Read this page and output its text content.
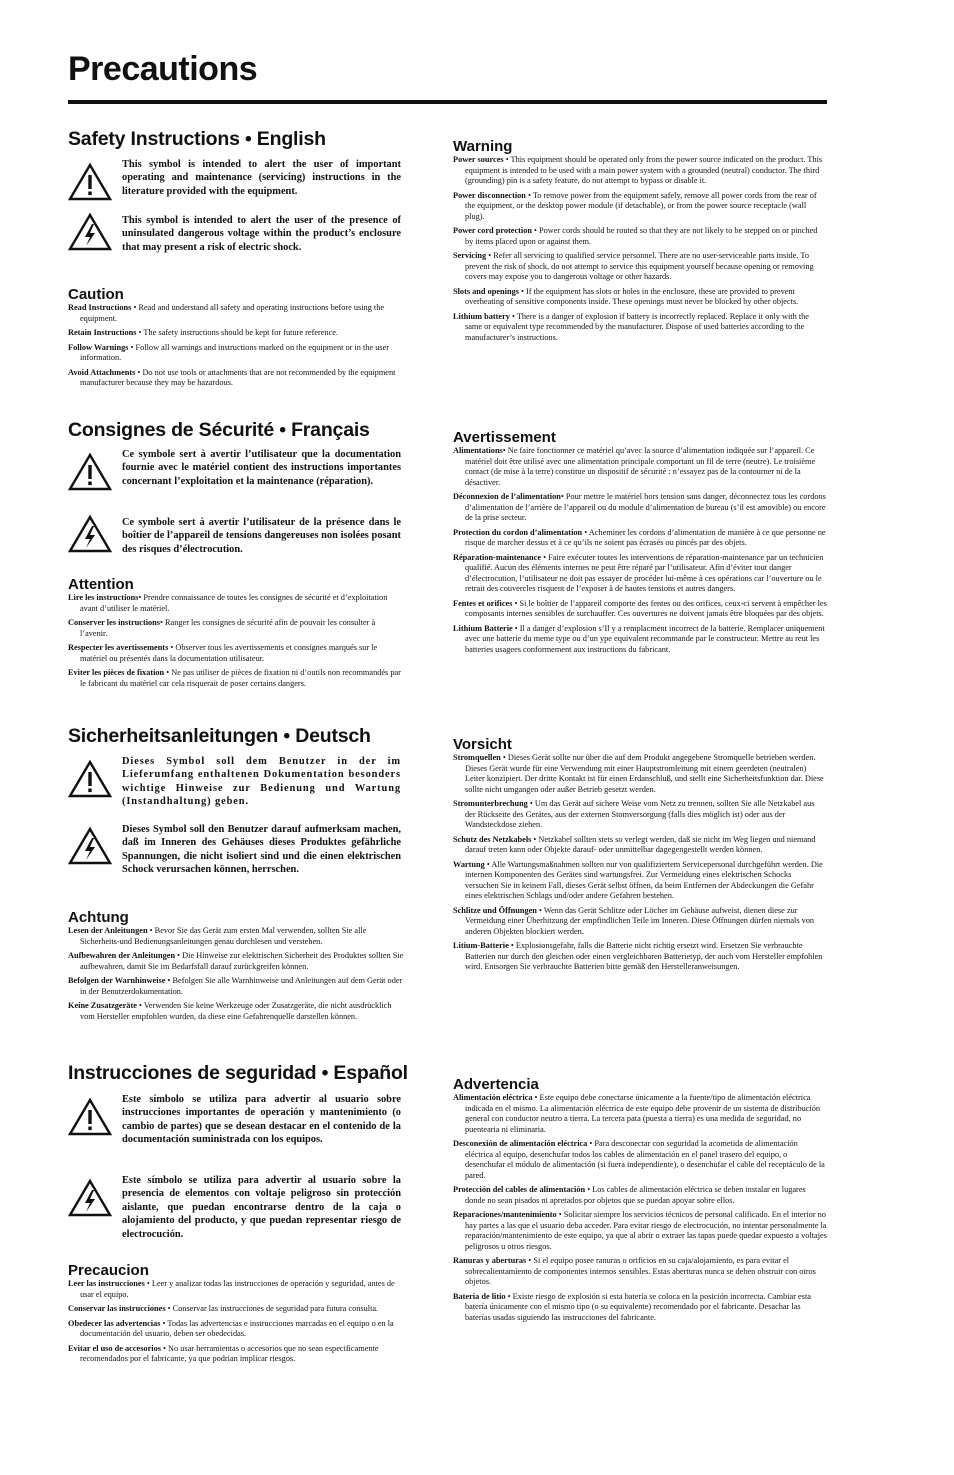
Precautions
Safety Instructions • English

This symbol is intended to alert the user of important operating and maintenance (servicing) instructions in the literature provided with the equipment.

This symbol is intended to alert the user of the presence of uninsulated dangerous voltage within the product’s enclosure that may present a risk of electric shock.

Caution
Read Instructions • Read and understand all safety and operating instructions before using the equipment.
Retain Instructions • The safety instructions should be kept for future reference.
Follow Warnings • Follow all warnings and instructions marked on the equipment or in the user information.
Avoid Attachments • Do not use tools or attachments that are not recommended by the equipment manufacturer because they may be hazardous.
Consignes de Sécurité • Français

Ce symbole sert à avertir l’utilisateur que la documentation fournie avec le matériel contient des instructions importantes concernant l’exploitation et la maintenance (réparation).

Ce symbole sert à avertir l’utilisateur de la présence dans le boîtier de l’appareil de tensions dangereuses non isolées posant des risques d’électrocution.

Attention
Lire les instructions• Prendre connaissance de toutes les consignes de sécurité et d’exploitation avant d’utiliser le matériel.
Conserver les instructions• Ranger les consignes de sécurité afin de pouvoir les consulter à l’avenir.
Respecter les avertissements • Observer tous les avertissements et consignes marqués sur le matériel ou présentés dans la documentation utilisateur.
Eviter les pièces de fixation • Ne pas utiliser de pièces de fixation ni d’outils non recommandés par le fabricant du matériel car cela risquerait de poser certains dangers.
Sicherheitsanleitungen • Deutsch

Dieses Symbol soll dem Benutzer in der im Lieferumfang enthaltenen Dokumentation besonders wichtige Hinweise zur Bedienung und Wartung (Instandhaltung) geben.

Dieses Symbol soll den Benutzer darauf aufmerksam machen, daß im Inneren des Gehäuses dieses Produktes gefährliche Spannungen, die nicht isoliert sind und die einen elektrischen Schock verursachen können, herrschen.

Achtung
Lesen der Anleitungen • Bevor Sie das Gerät zum ersten Mal verwenden, sollten Sie alle Sicherheits-und Bedienungsanleitungen genau durchlesen und verstehen.
Aufbewahren der Anleitungen • Die Hinweise zur elektrischen Sicherheit des Produktes sollten Sie aufbewahren, damit Sie im Bedarfsfall darauf zurückgreifen können.
Befolgen der Warnhinweise • Befolgen Sie alle Warnhinweise und Anleitungen auf dem Gerät oder in der Benutzerdokumentation.
Keine Zusatzgeräte • Verwenden Sie keine Werkzeuge oder Zusatzgeräte, die nicht ausdrücklich vom Hersteller empfohlen wurden, da diese eine Gefahrenquelle darstellen können.
Instrucciones de seguridad • Español

Este símbolo se utiliza para advertir al usuario sobre instrucciones importantes de operación y mantenimiento (o cambio de partes) que se desean destacar en el contenido de la documentación suministrada con los equipos.

Este símbolo se utiliza para advertir al usuario sobre la presencia de elementos con voltaje peligroso sin protección aislante, que puedan encontrarse dentro de la caja o alojamiento del producto, y que puedan representar riesgo de electrocución.

Precaucion
Leer las instrucciones • Leer y analizar todas las instrucciones de operación y seguridad, antes de usar el equipo.
Conservar las instrucciones • Conservar las instrucciones de seguridad para futura consulta.
Obedecer las advertencias • Todas las advertencias e instrucciones marcadas en el equipo o en la documentación del usuario, deben ser obedecidas.
Evitar el uso de accesorios • No usar herramientas o accesorios que no sean especificamente recomendados por el fabricante, ya que podrian implicar riesgos.
Warning
Power sources • This equipment should be operated only from the power source indicated on the product. This equipment is intended to be used with a main power system with a grounded (neutral) conductor. The third (grounding) pin is a safety feature, do not attempt to bypass or disable it.
Power disconnection • To remove power from the equipment safely, remove all power cords from the rear of the equipment, or the desktop power module (if detachable), or from the power source receptacle (wall plug).
Power cord protection • Power cords should be routed so that they are not likely to be stepped on or pinched by items placed upon or against them.
Servicing • Refer all servicing to qualified service personnel. There are no user-serviceable parts inside. To prevent the risk of shock, do not attempt to service this equipment yourself because opening or removing covers may expose you to dangerous voltage or other hazards.
Slots and openings • If the equipment has slots or holes in the enclosure, these are provided to prevent overheating of sensitive components inside. These openings must never be blocked by other objects.
Lithium battery • There is a danger of explosion if battery is incorrectly replaced. Replace it only with the same or equivalent type recommended by the manufacturer. Dispose of used batteries according to the manufacturer’s instructions.
Avertissement
Alimentations• Ne faire fonctionner ce matériel qu’avec la source d’alimentation indiquée sur l’appareil. Ce matériel doit être utilisé avec une alimentation principale comportant un fil de terre (neutre). Le troisième contact (de mise à la terre) constitue un dispositif de sécurité : n’essayez pas de la contourner ni de la désactiver.
Déconnexion de l’alimentation• Pour mettre le matériel hors tension sans danger, déconnectez tous les cordons d’alimentation de l’arrière de l’appareil ou du module d’alimentation de bureau (s’il est amovible) ou encore de la prise secteur.
Protection du cordon d’alimentation • Acheminer les cordons d’alimentation de manière à ce que personne ne risque de marcher dessus et à ce qu’ils ne soient pas écrasés ou pincés par des objets.
Réparation-maintenance • Faire exécuter toutes les interventions de réparation-maintenance par un technicien qualifié. Aucun des éléments internes ne peut être réparé par l’utilisateur. Afin d’éviter tout danger d’électrocution, l’utilisateur ne doit pas essayer de procéder lui-même à ces opérations car l’ouverture ou le retrait des couvercles risquent de l’exposer à de hautes tensions et autres dangers.
Fentes et orifices • Si le boîtier de l’appareil comporte des fentes ou des orifices, ceux-ci servent à empêcher les composants internes sensibles de surchauffer. Ces ouvertures ne doivent jamais être bloquées par des objets.
Lithium Batterie • Il a danger d’explosion s’Il y a remplacment incorrect de la batterie. Remplacer uniquement avec une batterie du meme type ou d’un ype equivalent recommande par le constructeur. Mettre au reut les batteries usagees conformement aux instructions du fabricant.
Vorsicht
Stromquellen • Dieses Gerät sollte nur über die auf dem Produkt angegebene Stromquelle betrieben werden. Dieses Gerät wurde für eine Verwendung mit einer Hauptstromleitung mit einem geerdeten (neutralen) Leiter konzipiert. Der dritte Kontakt ist für einen Erdanschluß, und stellt eine Sicherheitsfunktion dar. Diese sollte nicht umgangen oder außer Betrieb gesetzt werden.
Stromunterbrechung • Um das Gerät auf sichere Weise vom Netz zu trennen, sollten Sie alle Netzkabel aus der Rückseite des Gerätes, aus der externen Stomversorgung (falls dies möglich ist) oder aus der Wandsteckdose ziehen.
Schutz des Netzkabels • Netzkabel sollten stets so verlegt werden, daß sie nicht im Weg liegen und niemand darauf treten kann oder Objekte darauf- oder unmittelbar dagegengestellt werden können.
Wartung • Alle Wartungsmaßnahmen sollten nur von qualifiziertem Servicepersonal durchgeführt werden. Die internen Komponenten des Gerätes sind wartungsfrei. Zur Vermeidung eines elektrischen Schocks versuchen Sie in keinem Fall, dieses Gerät selbst öffnen, da beim Entfernen der Abdeckungen die Gefahr eines elektrischen Schlags und/oder andere Gefahren bestehen.
Schlitze und Öffnungen • Wenn das Gerät Schlitze oder Löcher im Gehäuse aufweist, dienen diese zur Vermeidung einer Überhitzung der empfindlichen Teile im Inneren. Diese Öffnungen dürfen niemals von anderen Objekten blockiert werden.
Litium-Batterie • Explosionsgefahr, falls die Batterie nicht richtig ersetzt wird. Ersetzen Sie verbrauchte Batterien nur durch den gleichen oder einen vergleichbaren Batterietyp, der auch vom Hersteller empfohlen wird. Entsorgen Sie verbrauchte Batterien bitte gemäß den Herstelleranweisungen.
Advertencia
Alimentación eléctrica • Este equipo debe conectarse únicamente a la fuente/tipo de alimentación eléctrica indicada en el mismo. La alimentación eléctrica de este equipo debe provenir de un sistema de distribución general con conductor neutro a tierra. La tercera pata (puesta a tierra) es una medida de seguridad, no puentearia ni eliminaria.
Desconexión de alimentación eléctrica • Para desconectar con seguridad la acometida de alimentación eléctrica al equipo, desenchufar todos los cables de alimentación en el panel trasero del equipo, o desenchufar el módulo de alimentación (si fuera independiente), o desenchufar el cable del receptáculo de la pared.
Protección del cables de alimentación • Los cables de alimentación eléctrica se deben instalar en lugares donde no sean pisados ni apretados por objetos que se puedan apoyar sobre ellos.
Reparaciones/mantenimiento • Solicitar siempre los servicios técnicos de personal calificado. En el interior no hay partes a las que el usuario deba acceder. Para evitar riesgo de electrocución, no intentar personalmente la reparación/mantenimiento de este equipo, ya que al abrir o extraer las tapas puede quedar expuesto a voltajes peligrosos u otros riesgos.
Ranuras y aberturas • Si el equipo posee ranuras o orificios en su caja/alojamiento, es para evitar el sobrecalientamiento de componentes internos sensibles. Estas aberturas nunca se deben obstruir con otros objetos.
Batería de litio • Existe riesgo de explosión si esta batería se coloca en la posición incorrecta. Cambiar esta batería únicamente con el mismo tipo (o su equivalente) recomendado por el fabricante. Desachar las baterías usadas siguiendo las instrucciones del fabricante.
